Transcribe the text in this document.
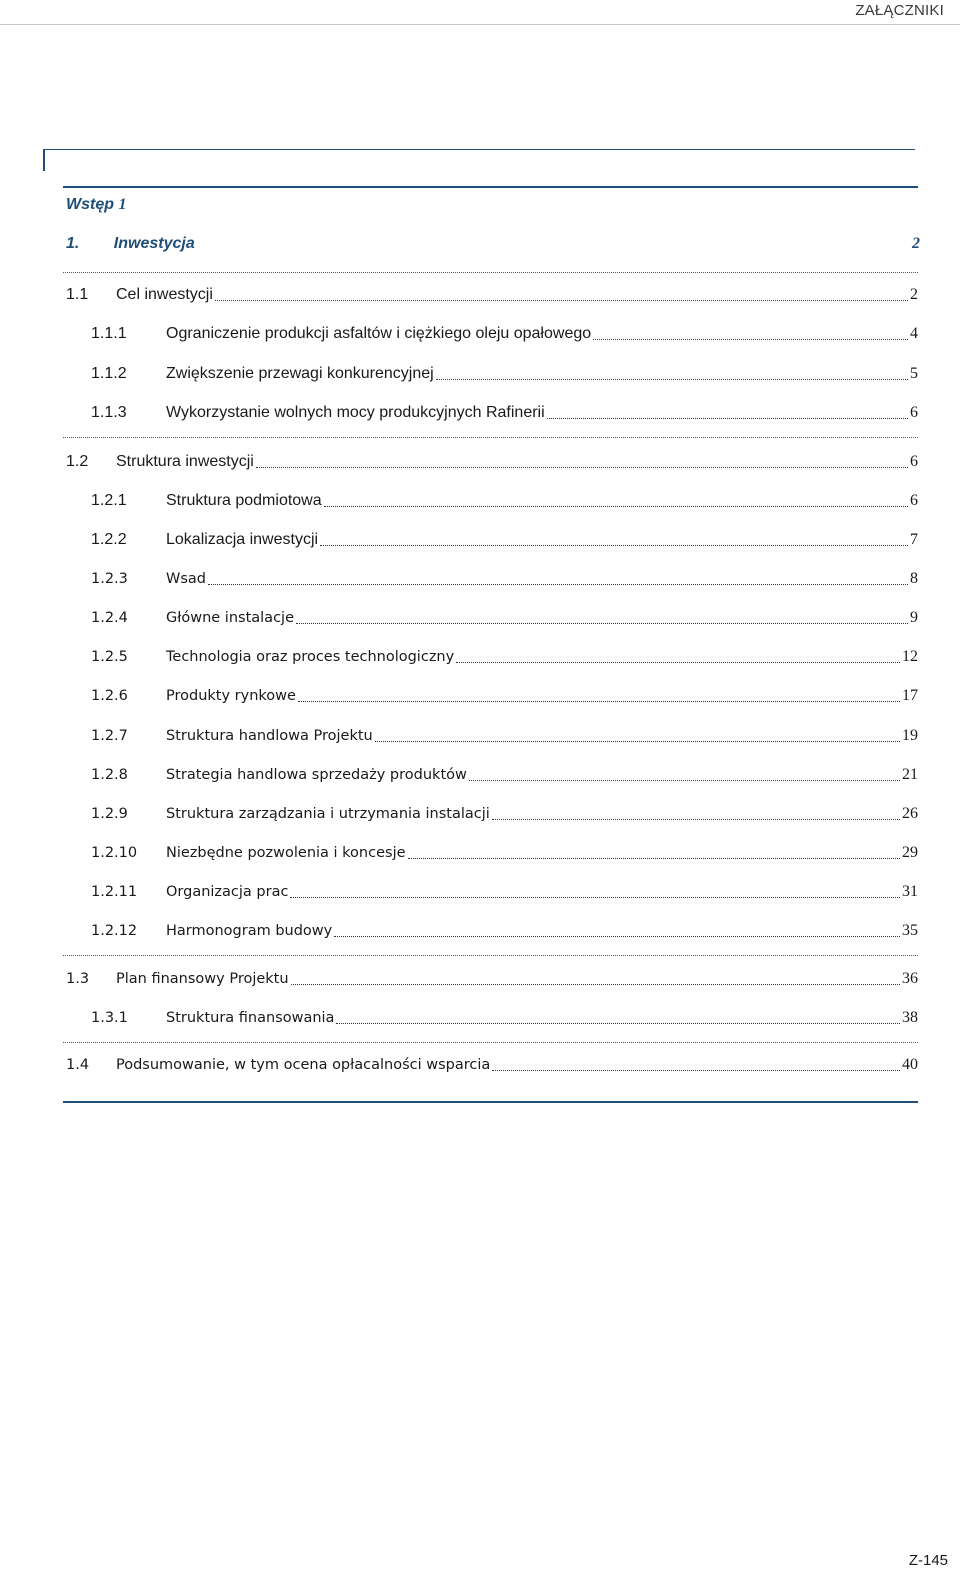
ZAŁĄCZNIKI
Wstęp 1
1. Inwestycja	2
1.1	Cel inwestycji	2
1.1.1	Ograniczenie produkcji asfaltów i ciężkiego oleju opałowego	4
1.1.2	Zwiększenie przewagi konkurencyjnej	5
1.1.3	Wykorzystanie wolnych mocy produkcyjnych Rafinerii	6
1.2	Struktura inwestycji	6
1.2.1	Struktura podmiotowa	6
1.2.2	Lokalizacja inwestycji	7
1.2.3	Wsad	8
1.2.4	Główne instalacje	9
1.2.5	Technologia oraz proces technologiczny	12
1.2.6	Produkty rynkowe	17
1.2.7	Struktura handlowa Projektu	19
1.2.8	Strategia handlowa sprzedaży produktów	21
1.2.9	Struktura zarządzania i utrzymania instalacji	26
1.2.10	Niezbędne pozwolenia i koncesje	29
1.2.11	Organizacja prac	31
1.2.12	Harmonogram budowy	35
1.3	Plan finansowy Projektu	36
1.3.1	Struktura finansowania	38
1.4	Podsumowanie, w tym ocena opłacalności wsparcia	40
Z-145
